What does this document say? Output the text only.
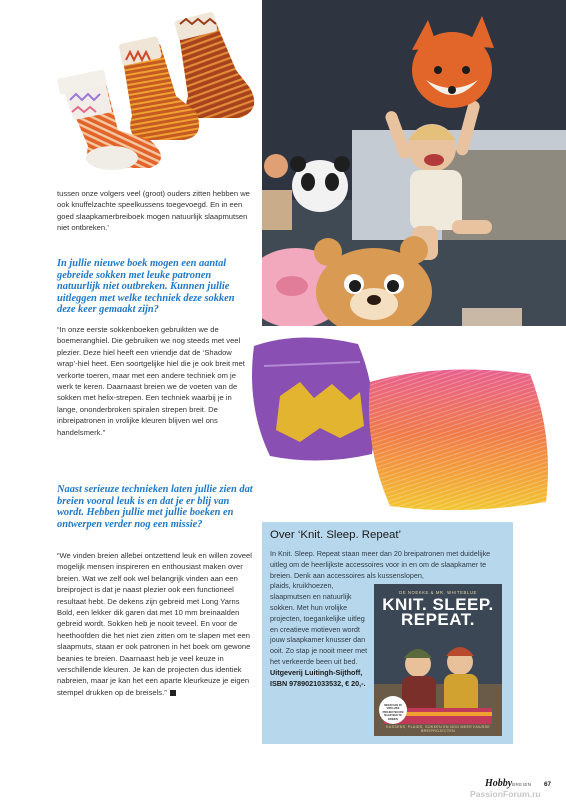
tussen onze volgers veel (groot) ouders zitten hebben we ook knuffelzachte speelkussens toegevoegd. En in een goed slaapkamerbreiboek mogen natuurlijk slaapmutsen niet ontbreken.’

In jullie nieuwe boek mogen een aantal gebreide sokken met leuke patronen natuurlijk niet outbreken. Kunnen jullie uitleggen met welke techniek deze sokken deze keer gemaakt zijn?

“In onze eerste sokkenboeken gebruikten we de boemeranghiel. Die gebruiken we nog steeds met veel plezier. Deze hiel heeft een vriendje dat de ‘Shadow wrap’-hiel heet. Een soortgelijke hiel die je ook breit met verkorte toeren, maar met een andere techniek om je werk te keren. Daarnaast breien we de voeten van de sokken met helix-strepen. Een techniek waarbij je in lange, ononderbroken spiralen strepen breit. De inbreipatronen in vrolijke kleuren blijven wel ons handelsmerk.”

Naast serieuze technieken laten jullie zien dat breien vooral leuk is en dat je er blij van wordt. Hebben jullie met jullie boeken en ontwerpen verder nog een missie?

“We vinden breien allebei ontzettend leuk en willen zoveel mogelijk mensen inspireren en enthousiast maken over breien. Wat we zelf ook wel belangrijk vinden aan een breiproject is dat je naast plezier ook een functioneel resultaat hebt. De dekens zijn gebreid met Long Yarns Bold, een lekker dik garen dat met 10 mm breinaalden gebreid wordt. Sokken heb je nooit teveel. En voor de heethoofden die het niet zien zitten om te slapen met een slaapmuts, staan er ook patronen in het boek om gewone beanies te breien. Daarnaast heb je veel keuze in verschillende kleuren. Je kan de projecten dus identiek nabreien, maar je kan het een aparte kleurkeuze je eigen stempel drukken op de breisels.”

Over ‘Knit. Sleep. Repeat’
In Knit. Sleep. Repeat staan meer dan 20 breipatronen met duidelijke uitleg om de heerlijkste accessoires voor in en om de slaapkamer te breien. Denk aan accessoires als kussenslopen,
plaids, kruikhoezen, slaapmutsen en natuurlijk sokken. Met hun vrolijke projecten, toegankelijke uitleg en creatieve motieven wordt jouw slaapkamer knusser dan ooit. Zo stap je nooit meer met het verkeerde been uit bed.
Uitgeverij Luitingh-Sijthoff, ISBN 9789021033532, € 20,-.
DE NOEKKE & MR. WHITEBLUE
KNIT. SLEEP.
REPEAT.
MEER DAN 20 VROLIJKE PROJECTEN OM NAAR BED TE BREIEN
KUSSENS, PLAIDS, SOKKEN EN NOG MEER KNUSSE BREIPROJECTEN
Hobby BREIEN 67
PassionForum.ru
